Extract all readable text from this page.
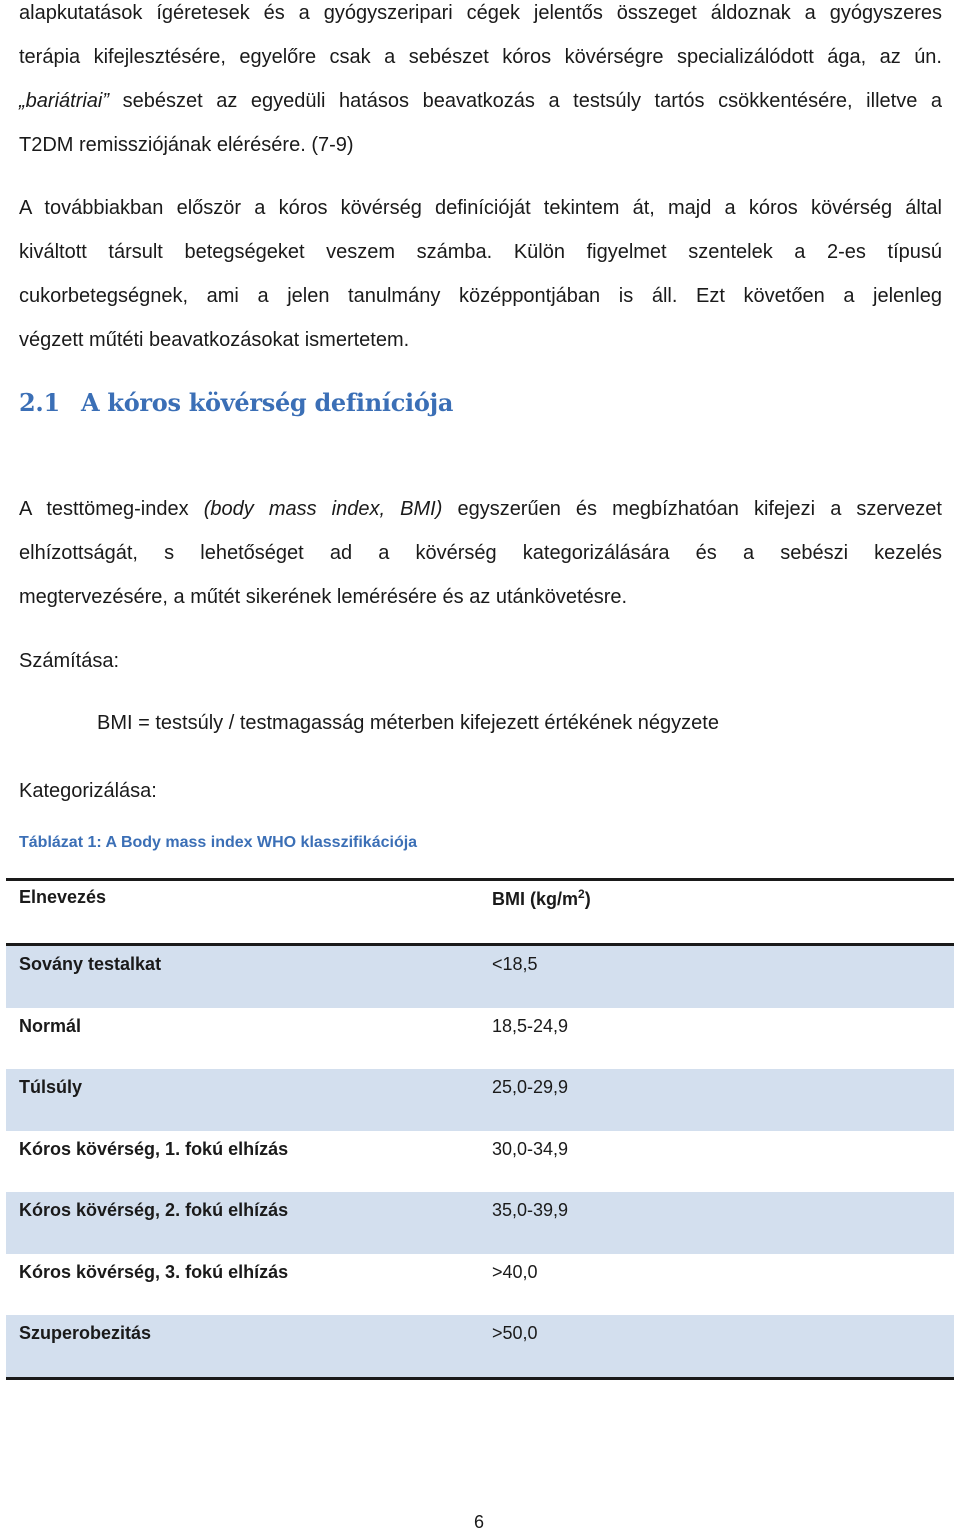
alapkutatások ígéretesek és a gyógyszeripari cégek jelentős összeget áldoznak a gyógyszeres
terápia kifejlesztésére, egyelőre csak a sebészet kóros kövérségre specializálódott ága, az ún.
„bariátriai” sebészet az egyedüli hatásos beavatkozás a testsúly tartós csökkentésére, illetve a
T2DM remissziójának elérésére. (7-9)
A továbbiakban először a kóros kövérség definícióját tekintem át, majd a kóros kövérség által
kiváltott társult betegségeket veszem számba. Külön figyelmet szentelek a 2-es típusú
cukorbetegségnek, ami a jelen tanulmány középpontjában is áll. Ezt követően a jelenleg
végzett műtéti beavatkozásokat ismertetem.
2.1 A kóros kövérség definíciója
A testtömeg-index (body mass index, BMI) egyszerűen és megbízhatóan kifejezi a szervezet
elhízottságát, s lehetőséget ad a kövérség kategorizálására és a sebészi kezelés
megtervezésére, a műtét sikerének lemérésére és az utánkövetésre.
Számítása:
BMI = testsúly / testmagasság méterben kifejezett értékének négyzete
Kategorizálása:
Táblázat 1: A Body mass index WHO klasszifikációja
Elnevezés	BMI $(kg/m^2)$
Sovány testalkat	<18,5
Normál	18,5-24,9
Túlsúly	25,0-29,9
Kóros kövérség, 1. fokú elhízás	30,0-34,9
Kóros kövérség, 2. fokú elhízás	35,0-39,9
Kóros kövérség, 3. fokú elhízás	>40,0
Szuperobezitás	>50,0
6
